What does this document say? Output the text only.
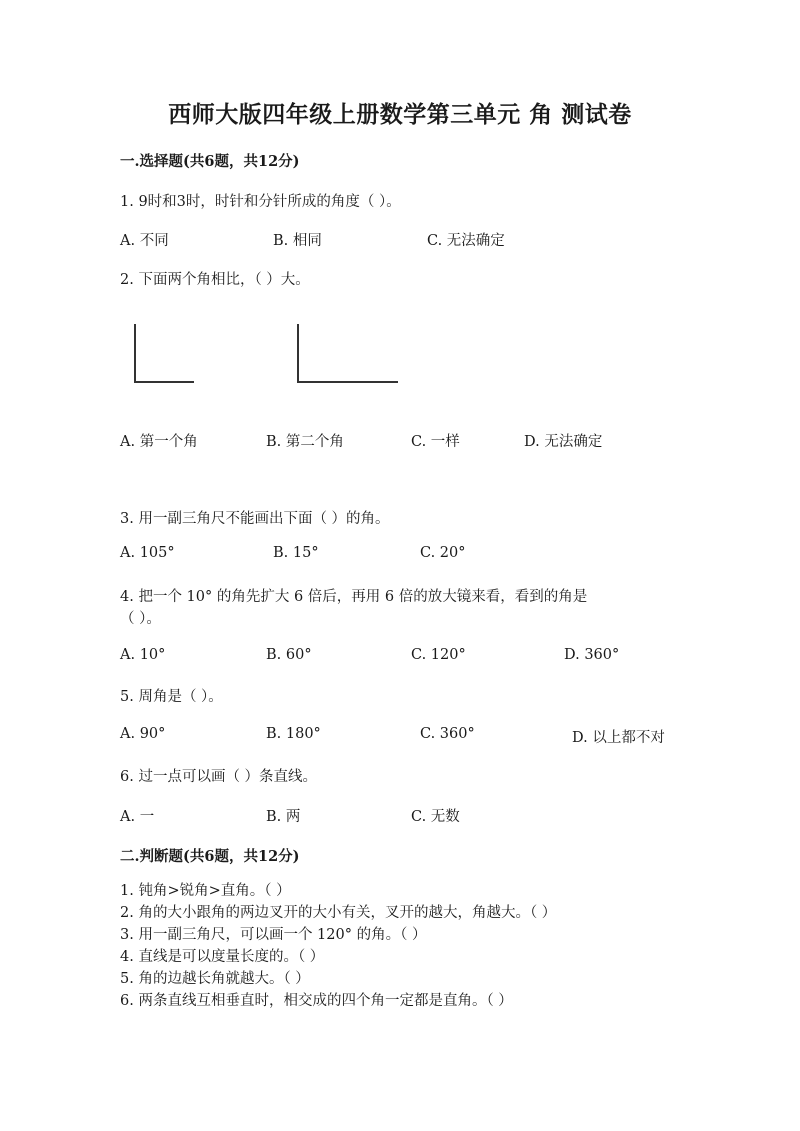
西师大版四年级上册数学第三单元 角 测试卷
一.选择题(共6题，共12分)
1. 9时和3时，时针和分针所成的角度（ ）。
A. 不同	B. 相同	C. 无法确定
2. 下面两个角相比，（ ）大。
A. 第一个角	B. 第二个角	C. 一样	D. 无法确定
3. 用一副三角尺不能画出下面（ ）的角。
A. 105°	B. 15°	C. 20°
4. 把一个 10° 的角先扩大 6 倍后，再用 6 倍的放大镜来看，看到的角是
（ ）。
A. 10°	B. 60°	C. 120°	D. 360°
5. 周角是（ ）。
A. 90°	B. 180°	C. 360°	D. 以上都不对
6. 过一点可以画（ ）条直线。
A. 一	B. 两	C. 无数
二.判断题(共6题，共12分)
1. 钝角>锐角>直角。（ ）
2. 角的大小跟角的两边叉开的大小有关，叉开的越大，角越大。（ ）
3. 用一副三角尺，可以画一个 120° 的角。（ ）
4. 直线是可以度量长度的。（ ）
5. 角的边越长角就越大。（ ）
6. 两条直线互相垂直时，相交成的四个角一定都是直角。（ ）
